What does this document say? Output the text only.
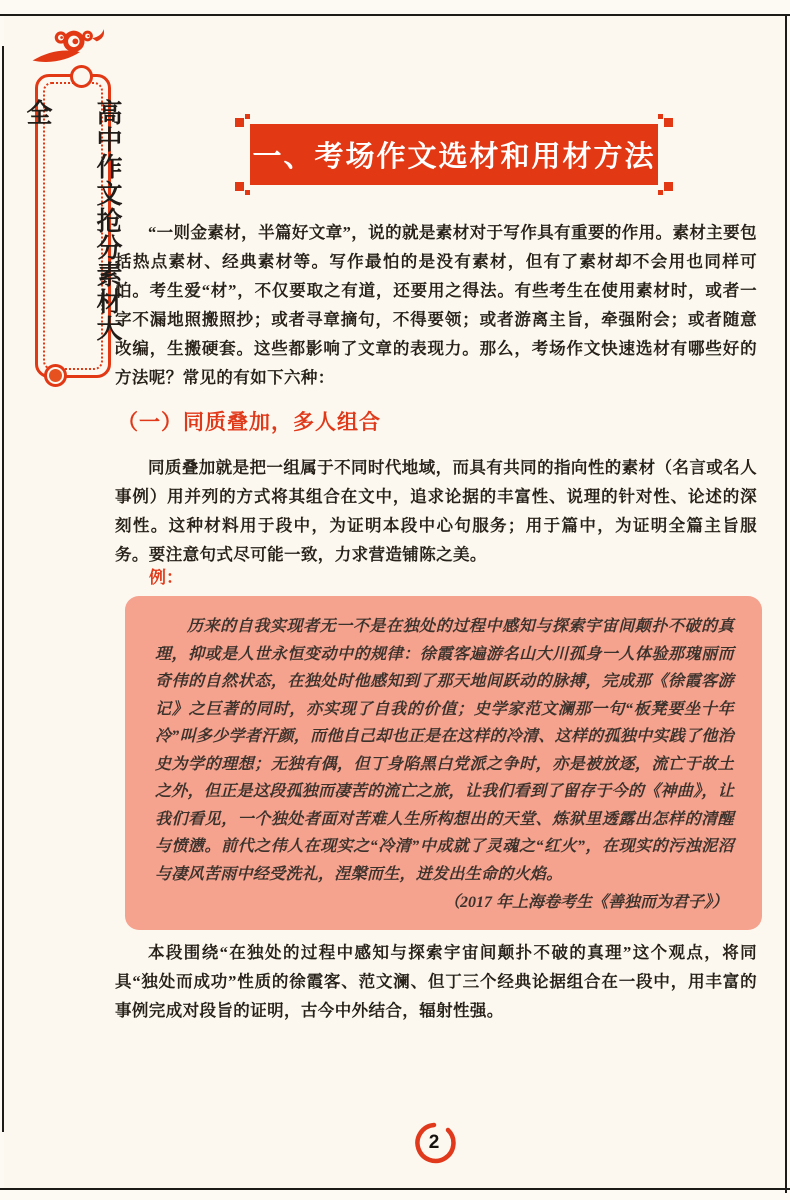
高中作文抢分素材大全
一、考场作文选材和用材方法
“一则金素材，半篇好文章”，说的就是素材对于写作具有重要的作用。素材主要包括热点素材、经典素材等。写作最怕的是没有素材，但有了素材却不会用也同样可怕。考生爱“材”，不仅要取之有道，还要用之得法。有些考生在使用素材时，或者一字不漏地照搬照抄；或者寻章摘句，不得要领；或者游离主旨，牵强附会；或者随意改编，生搬硬套。这些都影响了文章的表现力。那么，考场作文快速选材有哪些好的方法呢？常见的有如下六种：
（一）同质叠加，多人组合
同质叠加就是把一组属于不同时代地域，而具有共同的指向性的素材（名言或名人事例）用并列的方式将其组合在文中，追求论据的丰富性、说理的针对性、论述的深刻性。这种材料用于段中，为证明本段中心句服务；用于篇中，为证明全篇主旨服务。要注意句式尽可能一致，力求营造铺陈之美。
例：
历来的自我实现者无一不是在独处的过程中感知与探索宇宙间颠扑不破的真理，抑或是人世永恒变动中的规律：徐霞客遍游名山大川孤身一人体验那瑰丽而奇伟的自然状态，在独处时他感知到了那天地间跃动的脉搏，完成那《徐霞客游记》之巨著的同时，亦实现了自我的价值；史学家范文澜那一句“板凳要坐十年冷”叫多少学者汗颜，而他自己却也正是在这样的冷清、这样的孤独中实践了他治史为学的理想；无独有偶，但丁身陷黑白党派之争时，亦是被放逐，流亡于故土之外，但正是这段孤独而凄苦的流亡之旅，让我们看到了留存于今的《神曲》，让我们看见，一个独处者面对苦难人生所构想出的天堂、炼狱里透露出怎样的清醒与愤懑。前代之伟人在现实之“冷清”中成就了灵魂之“红火”，在现实的污浊泥沼与凄风苦雨中经受洗礼，涅槃而生，迸发出生命的火焰。
（2017 年上海卷考生《善独而为君子》）
本段围绕“在独处的过程中感知与探索宇宙间颠扑不破的真理”这个观点，将同具“独处而成功”性质的徐霞客、范文澜、但丁三个经典论据组合在一段中，用丰富的事例完成对段旨的证明，古今中外结合，辐射性强。
2
